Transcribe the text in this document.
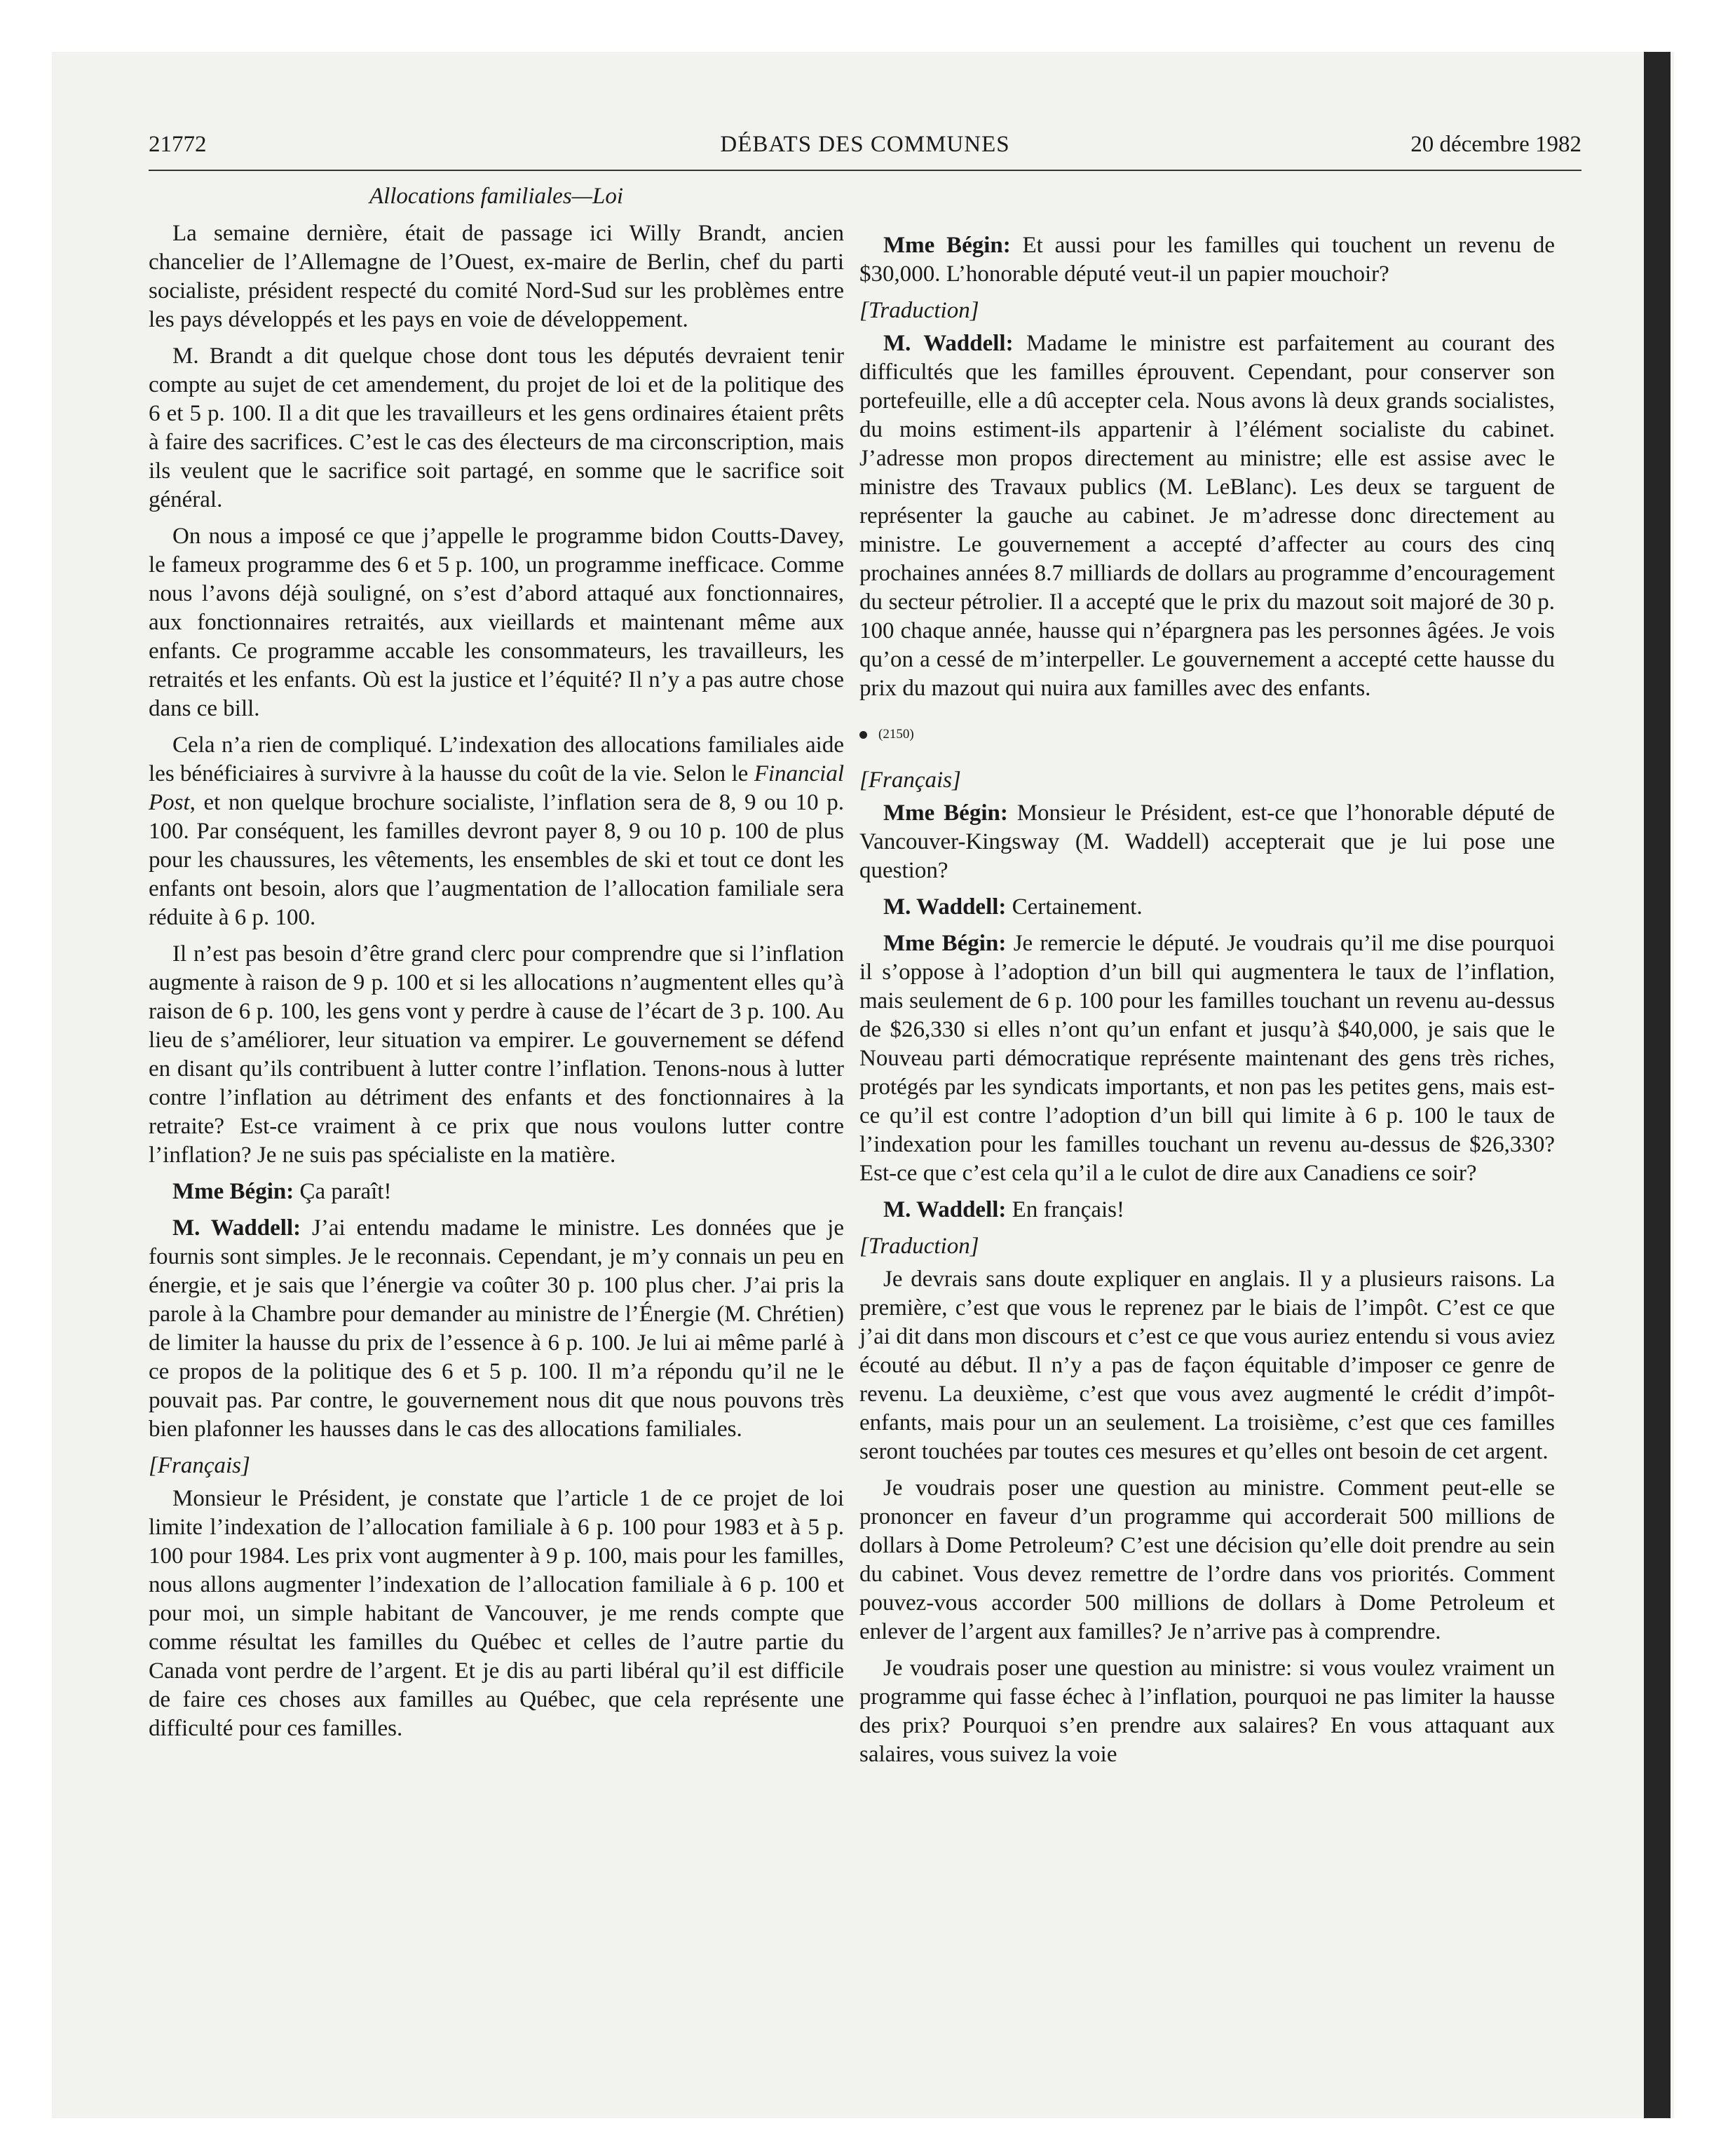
21772	DÉBATS DES COMMUNES	20 décembre 1982
Allocations familiales—Loi

La semaine dernière, était de passage ici Willy Brandt, ancien chancelier de l’Allemagne de l’Ouest, ex-maire de Berlin, chef du parti socialiste, président respecté du comité Nord-Sud sur les problèmes entre les pays développés et les pays en voie de développement.

M. Brandt a dit quelque chose dont tous les députés devraient tenir compte au sujet de cet amendement, du projet de loi et de la politique des 6 et 5 p. 100. Il a dit que les travailleurs et les gens ordinaires étaient prêts à faire des sacrifices. C’est le cas des électeurs de ma circonscription, mais ils veulent que le sacrifice soit partagé, en somme que le sacrifice soit général.

On nous a imposé ce que j’appelle le programme bidon Coutts-Davey, le fameux programme des 6 et 5 p. 100, un programme inefficace. Comme nous l’avons déjà souligné, on s’est d’abord attaqué aux fonctionnaires, aux fonctionnaires retraités, aux vieillards et maintenant même aux enfants. Ce programme accable les consommateurs, les travailleurs, les retraités et les enfants. Où est la justice et l’équité? Il n’y a pas autre chose dans ce bill.

Cela n’a rien de compliqué. L’indexation des allocations familiales aide les bénéficiaires à survivre à la hausse du coût de la vie. Selon le Financial Post, et non quelque brochure socialiste, l’inflation sera de 8, 9 ou 10 p. 100. Par conséquent, les familles devront payer 8, 9 ou 10 p. 100 de plus pour les chaussures, les vêtements, les ensembles de ski et tout ce dont les enfants ont besoin, alors que l’augmentation de l’allocation familiale sera réduite à 6 p. 100.

Il n’est pas besoin d’être grand clerc pour comprendre que si l’inflation augmente à raison de 9 p. 100 et si les allocations n’augmentent elles qu’à raison de 6 p. 100, les gens vont y perdre à cause de l’écart de 3 p. 100. Au lieu de s’améliorer, leur situation va empirer. Le gouvernement se défend en disant qu’ils contribuent à lutter contre l’inflation. Tenons-nous à lutter contre l’inflation au détriment des enfants et des fonctionnaires à la retraite? Est-ce vraiment à ce prix que nous voulons lutter contre l’inflation? Je ne suis pas spécialiste en la matière.

Mme Bégin: Ça paraît!

M. Waddell: J’ai entendu madame le ministre. Les données que je fournis sont simples. Je le reconnais. Cependant, je m’y connais un peu en énergie, et je sais que l’énergie va coûter 30 p. 100 plus cher. J’ai pris la parole à la Chambre pour demander au ministre de l’Énergie (M. Chrétien) de limiter la hausse du prix de l’essence à 6 p. 100. Je lui ai même parlé à ce propos de la politique des 6 et 5 p. 100. Il m’a répondu qu’il ne le pouvait pas. Par contre, le gouvernement nous dit que nous pouvons très bien plafonner les hausses dans le cas des allocations familiales.

[Français]

Monsieur le Président, je constate que l’article 1 de ce projet de loi limite l’indexation de l’allocation familiale à 6 p. 100 pour 1983 et à 5 p. 100 pour 1984. Les prix vont augmenter à 9 p. 100, mais pour les familles, nous allons augmenter l’indexation de l’allocation familiale à 6 p. 100 et pour moi, un simple habitant de Vancouver, je me rends compte que comme résultat les familles du Québec et celles de l’autre partie du Canada vont perdre de l’argent. Et je dis au parti libéral qu’il est difficile de faire ces choses aux familles au Québec, que cela représente une difficulté pour ces familles.

Mme Bégin: Et aussi pour les familles qui touchent un revenu de $30,000. L’honorable député veut-il un papier mouchoir?

[Traduction]

M. Waddell: Madame le ministre est parfaitement au courant des difficultés que les familles éprouvent. Cependant, pour conserver son portefeuille, elle a dû accepter cela. Nous avons là deux grands socialistes, du moins estiment-ils appartenir à l’élément socialiste du cabinet. J’adresse mon propos directement au ministre; elle est assise avec le ministre des Travaux publics (M. LeBlanc). Les deux se targuent de représenter la gauche au cabinet. Je m’adresse donc directement au ministre. Le gouvernement a accepté d’affecter au cours des cinq prochaines années 8.7 milliards de dollars au programme d’encouragement du secteur pétrolier. Il a accepté que le prix du mazout soit majoré de 30 p. 100 chaque année, hausse qui n’épargnera pas les personnes âgées. Je vois qu’on a cessé de m’interpeller. Le gouvernement a accepté cette hausse du prix du mazout qui nuira aux familles avec des enfants.

(2150)

[Français]

Mme Bégin: Monsieur le Président, est-ce que l’honorable député de Vancouver-Kingsway (M. Waddell) accepterait que je lui pose une question?

M. Waddell: Certainement.

Mme Bégin: Je remercie le député. Je voudrais qu’il me dise pourquoi il s’oppose à l’adoption d’un bill qui augmentera le taux de l’inflation, mais seulement de 6 p. 100 pour les familles touchant un revenu au-dessus de $26,330 si elles n’ont qu’un enfant et jusqu’à $40,000, je sais que le Nouveau parti démocratique représente maintenant des gens très riches, protégés par les syndicats importants, et non pas les petites gens, mais est-ce qu’il est contre l’adoption d’un bill qui limite à 6 p. 100 le taux de l’indexation pour les familles touchant un revenu au-dessus de $26,330? Est-ce que c’est cela qu’il a le culot de dire aux Canadiens ce soir?

M. Waddell: En français!

[Traduction]

Je devrais sans doute expliquer en anglais. Il y a plusieurs raisons. La première, c’est que vous le reprenez par le biais de l’impôt. C’est ce que j’ai dit dans mon discours et c’est ce que vous auriez entendu si vous aviez écouté au début. Il n’y a pas de façon équitable d’imposer ce genre de revenu. La deuxième, c’est que vous avez augmenté le crédit d’impôt-enfants, mais pour un an seulement. La troisième, c’est que ces familles seront touchées par toutes ces mesures et qu’elles ont besoin de cet argent.

Je voudrais poser une question au ministre. Comment peut-elle se prononcer en faveur d’un programme qui accorderait 500 millions de dollars à Dome Petroleum? C’est une décision qu’elle doit prendre au sein du cabinet. Vous devez remettre de l’ordre dans vos priorités. Comment pouvez-vous accorder 500 millions de dollars à Dome Petroleum et enlever de l’argent aux familles? Je n’arrive pas à comprendre.

Je voudrais poser une question au ministre: si vous voulez vraiment un programme qui fasse échec à l’inflation, pourquoi ne pas limiter la hausse des prix? Pourquoi s’en prendre aux salaires? En vous attaquant aux salaires, vous suivez la voie
